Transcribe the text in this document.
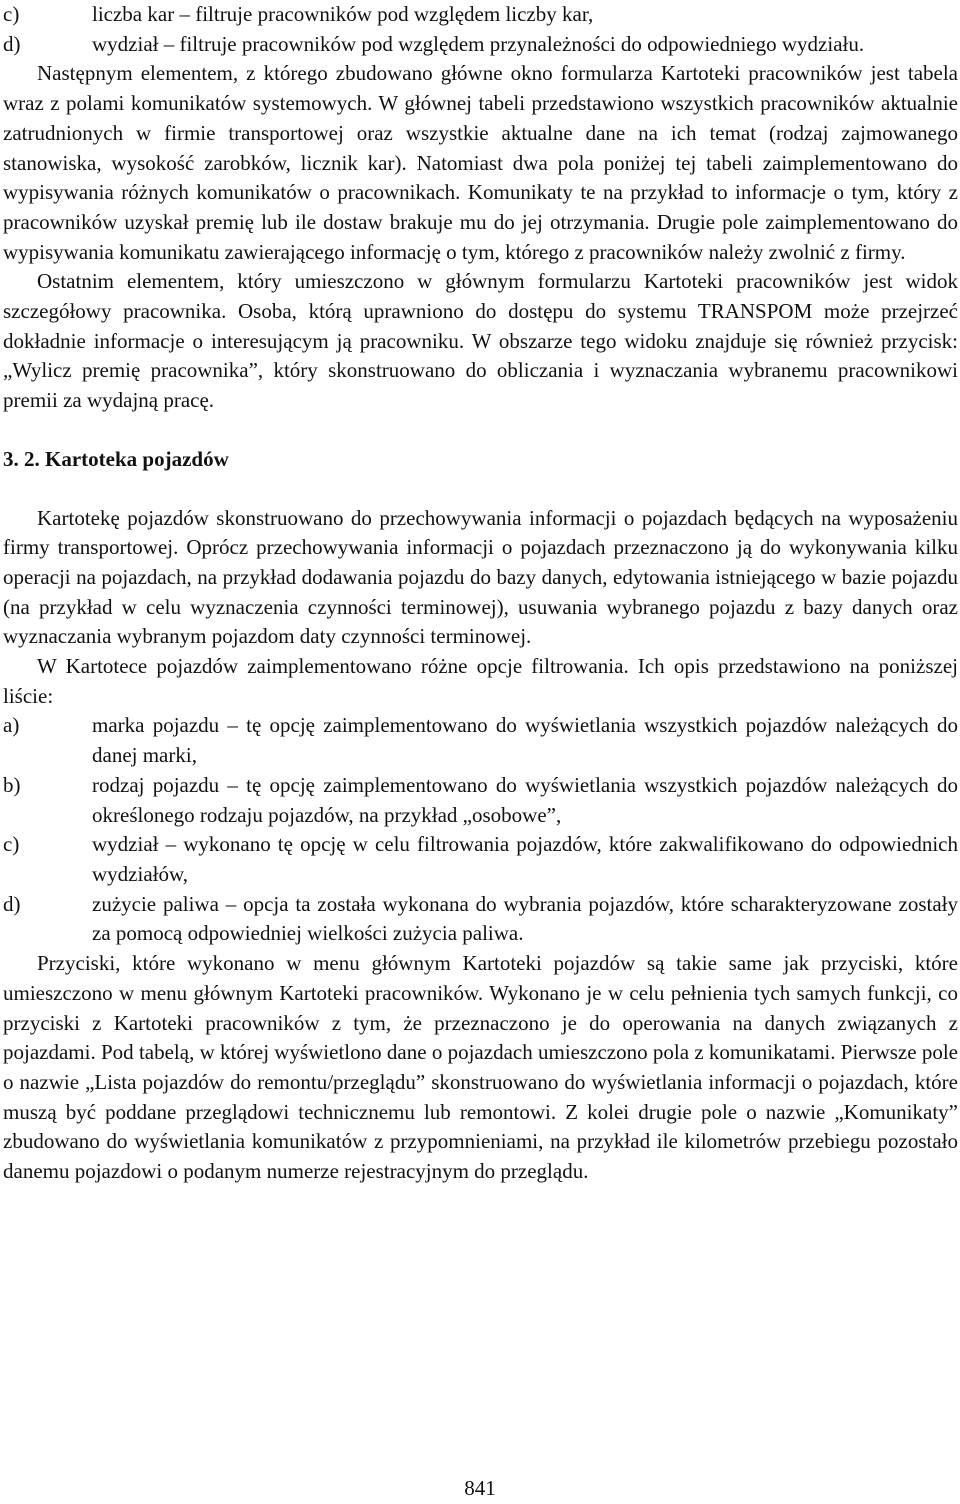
c)	liczba kar – filtruje pracowników pod względem liczby kar,
d)	wydział – filtruje pracowników pod względem przynależności do odpowiedniego wydziału.

Następnym elementem, z którego zbudowano główne okno formularza Kartoteki pracowników jest tabela wraz z polami komunikatów systemowych. W głównej tabeli przedstawiono wszystkich pracowników aktualnie zatrudnionych w firmie transportowej oraz wszystkie aktualne dane na ich temat (rodzaj zajmowanego stanowiska, wysokość zarobków, licznik kar). Natomiast dwa pola poniżej tej tabeli zaimplementowano do wypisywania różnych komunikatów o pracownikach. Komunikaty te na przykład to informacje o tym, który z pracowników uzyskał premię lub ile dostaw brakuje mu do jej otrzymania. Drugie pole zaimplementowano do wypisywania komunikatu zawierającego informację o tym, którego z pracowników należy zwolnić z firmy.

Ostatnim elementem, który umieszczono w głównym formularzu Kartoteki pracowników jest widok szczegółowy pracownika. Osoba, którą uprawniono do dostępu do systemu TRANSPOM może przejrzeć dokładnie informacje o interesującym ją pracowniku. W obszarze tego widoku znajduje się również przycisk: „Wylicz premię pracownika”, który skonstruowano do obliczania i wyznaczania wybranemu pracownikowi premii za wydajną pracę.

3. 2. Kartoteka pojazdów

Kartotekę pojazdów skonstruowano do przechowywania informacji o pojazdach będących na wyposażeniu firmy transportowej. Oprócz przechowywania informacji o pojazdach przeznaczono ją do wykonywania kilku operacji na pojazdach, na przykład dodawania pojazdu do bazy danych, edytowania istniejącego w bazie pojazdu (na przykład w celu wyznaczenia czynności terminowej), usuwania wybranego pojazdu z bazy danych oraz wyznaczania wybranym pojazdom daty czynności terminowej.

W Kartotece pojazdów zaimplementowano różne opcje filtrowania. Ich opis przedstawiono na poniższej liście:

a)	marka pojazdu – tę opcję zaimplementowano do wyświetlania wszystkich pojazdów należących do danej marki,
b)	rodzaj pojazdu – tę opcję zaimplementowano do wyświetlania wszystkich pojazdów należących do określonego rodzaju pojazdów, na przykład „osobowe”,
c)	wydział – wykonano tę opcję w celu filtrowania pojazdów, które zakwalifikowano do odpowiednich wydziałów,
d)	zużycie paliwa – opcja ta została wykonana do wybrania pojazdów, które scharakteryzowane zostały za pomocą odpowiedniej wielkości zużycia paliwa.

Przyciski, które wykonano w menu głównym Kartoteki pojazdów są takie same jak przyciski, które umieszczono w menu głównym Kartoteki pracowników. Wykonano je w celu pełnienia tych samych funkcji, co przyciski z Kartoteki pracowników z tym, że przeznaczono je do operowania na danych związanych z pojazdami. Pod tabelą, w której wyświetlono dane o pojazdach umieszczono pola z komunikatami. Pierwsze pole o nazwie „Lista pojazdów do remontu/przeglądu” skonstruowano do wyświetlania informacji o pojazdach, które muszą być poddane przeglądowi technicznemu lub remontowi. Z kolei drugie pole o nazwie „Komunikaty” zbudowano do wyświetlania komunikatów z przypomnieniami, na przykład ile kilometrów przebiegu pozostało danemu pojazdowi o podanym numerze rejestracyjnym do przeglądu.

841
